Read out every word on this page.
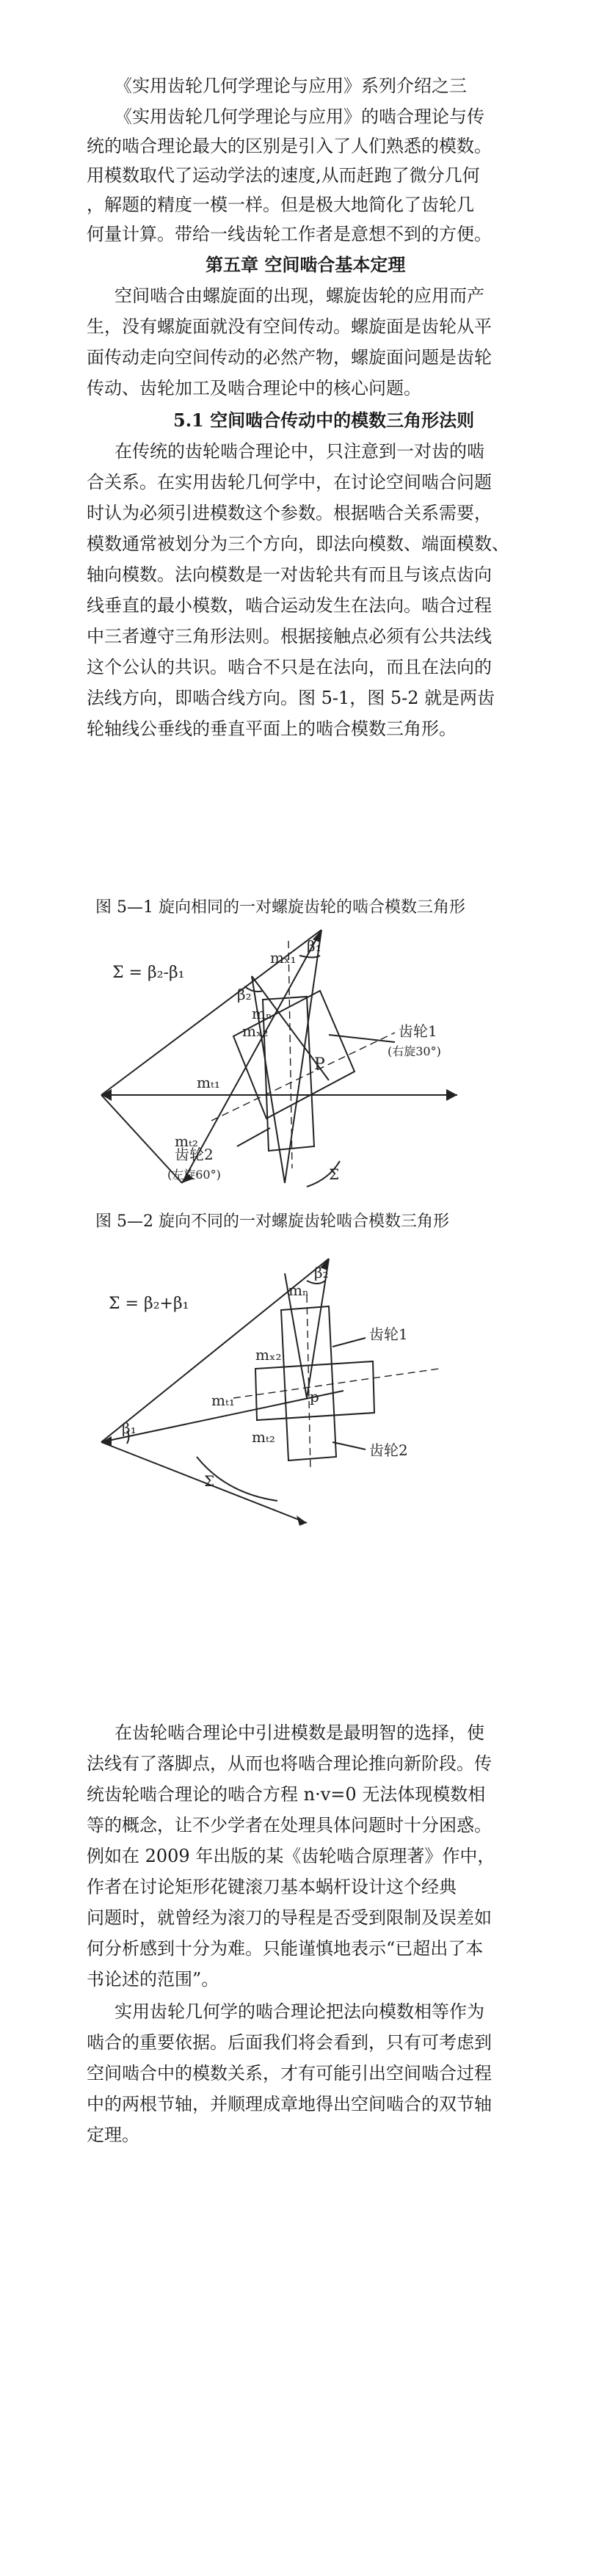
《实用齿轮几何学理论与应用》系列介绍之三
《实用齿轮几何学理论与应用》的啮合理论与传
统的啮合理论最大的区别是引入了人们熟悉的模数。
用模数取代了运动学法的速度,从而赶跑了微分几何
，解题的精度一模一样。但是极大地简化了齿轮几
何量计算。带给一线齿轮工作者是意想不到的方便。
第五章 空间啮合基本定理
空间啮合由螺旋面的出现，螺旋齿轮的应用而产
生，没有螺旋面就没有空间传动。螺旋面是齿轮从平
面传动走向空间传动的必然产物，螺旋面问题是齿轮
传动、齿轮加工及啮合理论中的核心问题。
5.1 空间啮合传动中的模数三角形法则
在传统的齿轮啮合理论中，只注意到一对齿的啮
合关系。在实用齿轮几何学中，在讨论空间啮合问题
时认为必须引进模数这个参数。根据啮合关系需要，
模数通常被划分为三个方向，即法向模数、端面模数、
轴向模数。法向模数是一对齿轮共有而且与该点齿向
线垂直的最小模数，啮合运动发生在法向。啮合过程
中三者遵守三角形法则。根据接触点必须有公共法线
这个公认的共识。啮合不只是在法向，而且在法向的
法线方向，即啮合线方向。图 5-1，图 5-2 就是两齿
轮轴线公垂线的垂直平面上的啮合模数三角形。
图 5—1 旋向相同的一对螺旋齿轮的啮合模数三角形
Σ = β₂-β₁
β₁
β₂
mₙ
mₓ₂
mₓ₁
mₜ₁
mₜ₂
P
齿轮1
(右旋30°)
齿轮2
(左旋60°)	Σ
图 5—2 旋向不同的一对螺旋齿轮啮合模数三角形
Σ = β₂+β₁
β₂
β₁
mₙ
mₓ₂
mₜ₁
mₜ₂
p
齿轮1
齿轮2
Σ
在齿轮啮合理论中引进模数是最明智的选择，使
法线有了落脚点，从而也将啮合理论推向新阶段。传
统齿轮啮合理论的啮合方程 n·v=0 无法体现模数相
等的概念，让不少学者在处理具体问题时十分困惑。
例如在 2009 年出版的某《齿轮啮合原理著》作中，
作者在讨论矩形花键滚刀基本蜗杆设计这个经典
问题时，就曾经为滚刀的导程是否受到限制及误差如
何分析感到十分为难。只能谨慎地表示“已超出了本
书论述的范围”。
实用齿轮几何学的啮合理论把法向模数相等作为
啮合的重要依据。后面我们将会看到，只有可考虑到
空间啮合中的模数关系，才有可能引出空间啮合过程
中的两根节轴，并顺理成章地得出空间啮合的双节轴
定理。
